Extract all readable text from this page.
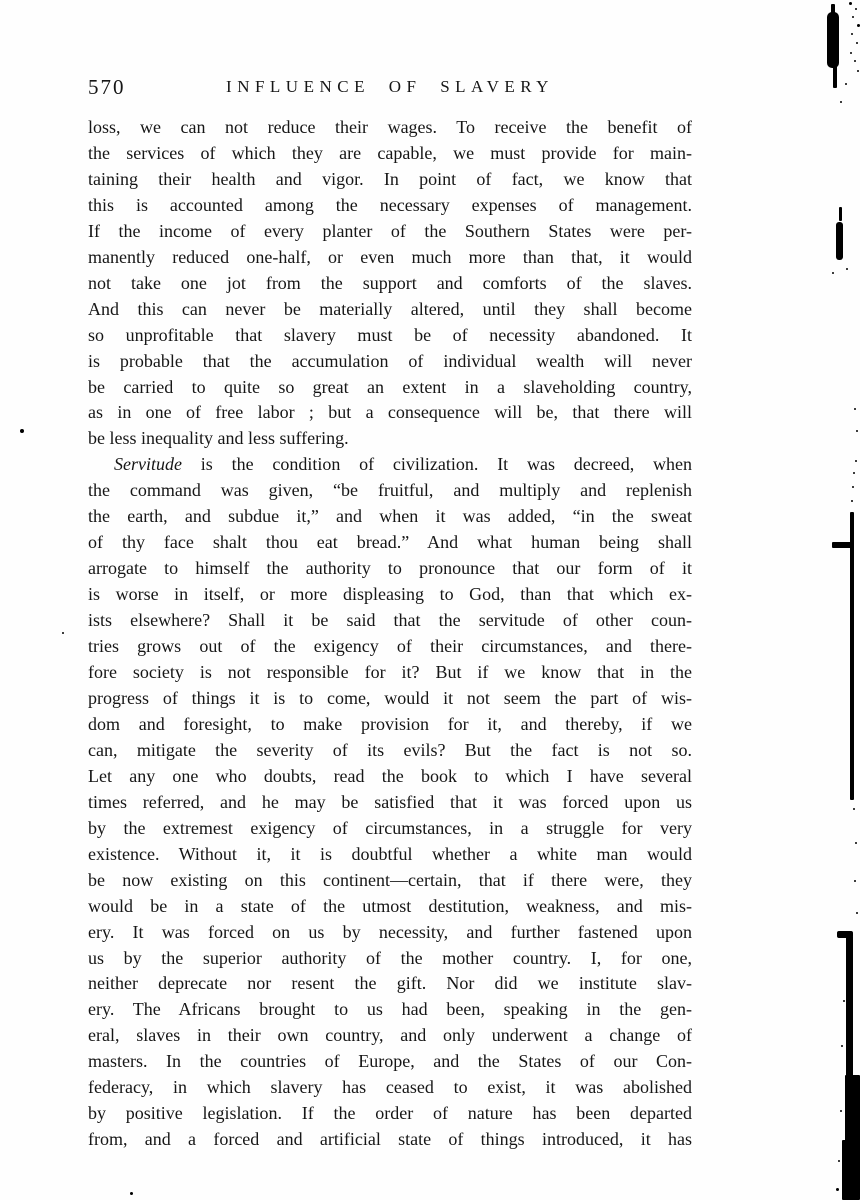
570	INFLUENCE OF SLAVERY
loss, we can not reduce their wages. To receive the benefit of
the services of which they are capable, we must provide for main-
taining their health and vigor. In point of fact, we know that
this is accounted among the necessary expenses of management.
If the income of every planter of the Southern States were per-
manently reduced one-half, or even much more than that, it would
not take one jot from the support and comforts of the slaves.
And this can never be materially altered, until they shall become
so unprofitable that slavery must be of necessity abandoned. It
is probable that the accumulation of individual wealth will never
be carried to quite so great an extent in a slaveholding country,
as in one of free labor ; but a consequence will be, that there will
be less inequality and less suffering.
Servitude is the condition of civilization. It was decreed, when
the command was given, “be fruitful, and multiply and replenish
the earth, and subdue it,” and when it was added, “in the sweat
of thy face shalt thou eat bread.” And what human being shall
arrogate to himself the authority to pronounce that our form of it
is worse in itself, or more displeasing to God, than that which ex-
ists elsewhere? Shall it be said that the servitude of other coun-
tries grows out of the exigency of their circumstances, and there-
fore society is not responsible for it? But if we know that in the
progress of things it is to come, would it not seem the part of wis-
dom and foresight, to make provision for it, and thereby, if we
can, mitigate the severity of its evils? But the fact is not so.
Let any one who doubts, read the book to which I have several
times referred, and he may be satisfied that it was forced upon us
by the extremest exigency of circumstances, in a struggle for very
existence. Without it, it is doubtful whether a white man would
be now existing on this continent—certain, that if there were, they
would be in a state of the utmost destitution, weakness, and mis-
ery. It was forced on us by necessity, and further fastened upon
us by the superior authority of the mother country. I, for one,
neither deprecate nor resent the gift. Nor did we institute slav-
ery. The Africans brought to us had been, speaking in the gen-
eral, slaves in their own country, and only underwent a change of
masters. In the countries of Europe, and the States of our Con-
federacy, in which slavery has ceased to exist, it was abolished
by positive legislation. If the order of nature has been departed
from, and a forced and artificial state of things introduced, it has
